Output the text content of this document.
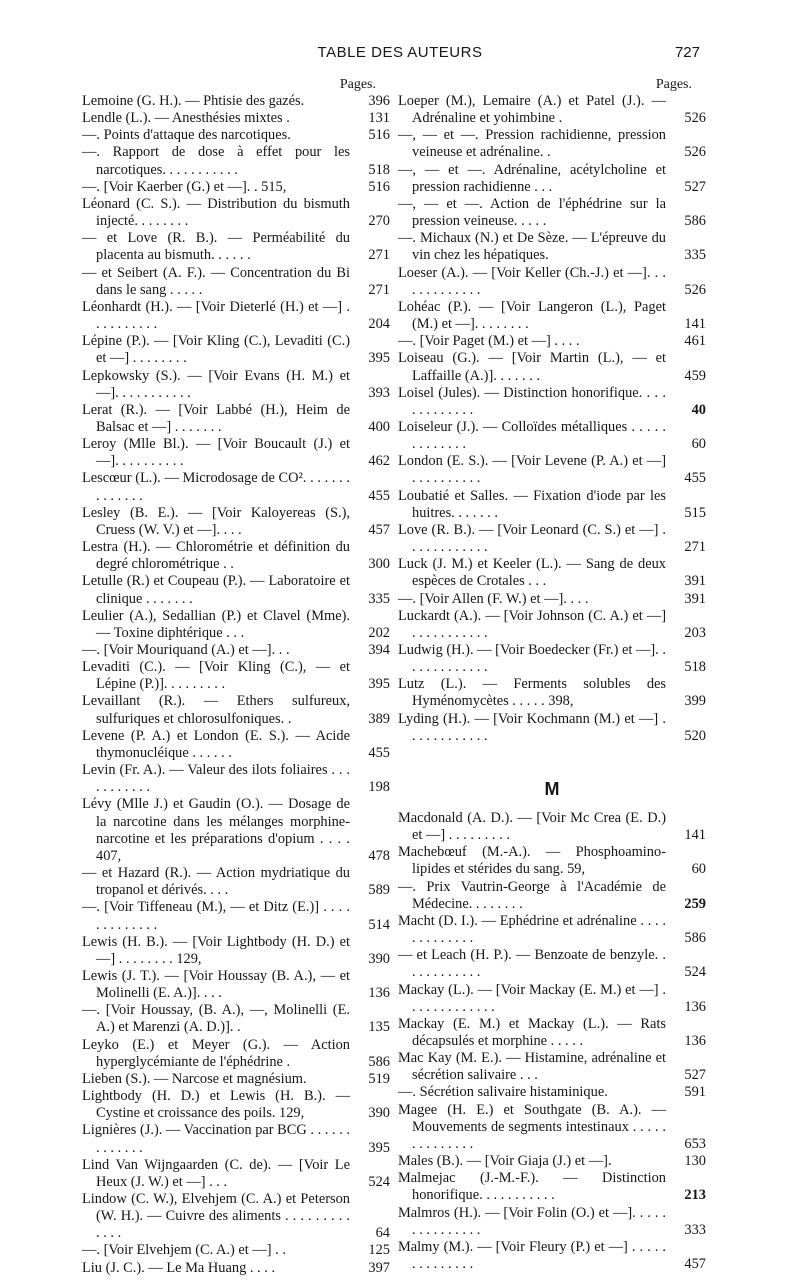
TABLE DES AUTEURS	727
Pages.
Lemoine (G. H.). — Phtisie des gazés.	396
Lendle (L.). — Anesthésies mixtes .	131
—. Points d'attaque des narcotiques.	516
—. Rapport de dose à effet pour les narcotiques. . . . . . . . . . .	518
—. [Voir Kaerber (G.) et —]. . 515,	516
Léonard (C. S.). — Distribution du bismuth injecté. . . . . . . .	270
— et Love (R. B.). — Perméabilité du placenta au bismuth. . . . . .	271
— et Seibert (A. F.). — Concentration du Bi dans le sang . . . . .	271
Léonhardt (H.). — [Voir Dieterlé (H.) et —] . . . . . . . . . .	204
Lépine (P.). — [Voir Kling (C.), Levaditi (C.) et —] . . . . . . . .	395
Lepkowsky (S.). — [Voir Evans (H. M.) et —]. . . . . . . . . . .	393
Lerat (R.). — [Voir Labbé (H.), Heim de Balsac et —] . . . . . . .	400
Leroy (Mlle Bl.). — [Voir Boucault (J.) et —]. . . . . . . . . .	462
Lescœur (L.). — Microdosage de CO². . . . . . . . . . . . . .	455
Lesley (B. E.). — [Voir Kaloyereas (S.), Cruess (W. V.) et —]. . . .	457
Lestra (H.). — Chlorométrie et définition du degré chlorométrique . .	300
Letulle (R.) et Coupeau (P.). — Laboratoire et clinique . . . . . . .	335
Leulier (A.), Sedallian (P.) et Clavel (Mme). — Toxine diphtérique . . .	202
—. [Voir Mouriquand (A.) et —]. . .	394
Levaditi (C.). — [Voir Kling (C.), — et Lépine (P.)]. . . . . . . . .	395
Levaillant (R.). — Ethers sulfureux, sulfuriques et chlorosulfoniques. .	389
Levene (P. A.) et London (E. S.). — Acide thymonucléique . . . . . .	455
Levin (Fr. A.). — Valeur des ilots foliaires . . . . . . . . . . .	198
Lévy (Mlle J.) et Gaudin (O.). — Dosage de la narcotine dans les mélanges morphine-narcotine et les préparations d'opium . . . . 407,	478
— et Hazard (R.). — Action mydriatique du tropanol et dérivés. . . .	589
—. [Voir Tiffeneau (M.), — et Ditz (E.)] . . . . . . . . . . . . .	514
Lewis (H. B.). — [Voir Lightbody (H. D.) et —] . . . . . . . . 129,	390
Lewis (J. T.). — [Voir Houssay (B. A.), — et Molinelli (E. A.)]. . . .	136
—. [Voir Houssay, (B. A.), —, Molinelli (E. A.) et Marenzi (A. D.)]. .	135
Leyko (E.) et Meyer (G.). — Action hyperglycémiante de l'éphédrine .	586
Lieben (S.). — Narcose et magnésium.	519
Lightbody (H. D.) et Lewis (H. B.). — Cystine et croissance des poils. 129,	390
Lignières (J.). — Vaccination par BCG . . . . . . . . . . . . .	395
Lind Van Wijngaarden (C. de). — [Voir Le Heux (J. W.) et —] . . .	524
Lindow (C. W.), Elvehjem (C. A.) et Peterson (W. H.). — Cuivre des aliments . . . . . . . . . . . . .	64
—. [Voir Elvehjem (C. A.) et —] . .	125
Liu (J. C.). — Le Ma Huang . . . .	397
Pages.
Loeper (M.), Lemaire (A.) et Patel (J.). — Adrénaline et yohimbine .	526
—, — et —. Pression rachidienne, pression veineuse et adrénaline. .	526
—, — et —. Adrénaline, acétylcholine et pression rachidienne . . .	527
—, — et —. Action de l'éphédrine sur la pression veineuse. . . . .	586
—. Michaux (N.) et De Sèze. — L'épreuve du vin chez les hépatiques.	335
Loeser (A.). — [Voir Keller (Ch.-J.) et —]. . . . . . . . . . . . .	526
Lohéac (P.). — [Voir Langeron (L.), Paget (M.) et —]. . . . . . . .	141
—. [Voir Paget (M.) et —] . . . .	461
Loiseau (G.). — [Voir Martin (L.), — et Laffaille (A.)]. . . . . . .	459
Loisel (Jules). — Distinction honorifique. . . . . . . . . . . . .	40
Loiseleur (J.). — Colloïdes métalliques . . . . . . . . . . . . .	60
London (E. S.). — [Voir Levene (P. A.) et —] . . . . . . . . . .	455
Loubatié et Salles. — Fixation d'iode par les huitres. . . . . . .	515
Love (R. B.). — [Voir Leonard (C. S.) et —] . . . . . . . . . . . .	271
Luck (J. M.) et Keeler (L.). — Sang de deux espèces de Crotales . . .	391
—. [Voir Allen (F. W.) et —]. . . .	391
Luckardt (A.). — [Voir Johnson (C. A.) et —] . . . . . . . . . . .	203
Ludwig (H.). — [Voir Boedecker (Fr.) et —]. . . . . . . . . . . . .	518
Lutz (L.). — Ferments solubles des Hyménomycètes . . . . . 398,	399
Lyding (H.). — [Voir Kochmann (M.) et —] . . . . . . . . . . . .	520
M
Macdonald (A. D.). — [Voir Mc Crea (E. D.) et —] . . . . . . . . .	141
Machebœuf (M.-A.). — Phosphoamino-lipides et stérides du sang. 59,	60
—. Prix Vautrin-George à l'Académie de Médecine. . . . . . . .	259
Macht (D. I.). — Ephédrine et adrénaline . . . . . . . . . . . . .	586
— et Leach (H. P.). — Benzoate de benzyle. . . . . . . . . . . .	524
Mackay (L.). — [Voir Mackay (E. M.) et —] . . . . . . . . . . . . .	136
Mackay (E. M.) et Mackay (L.). — Rats décapsulés et morphine . . . . .	136
Mac Kay (M. E.). — Histamine, adrénaline et sécrétion salivaire . . .	527
—. Sécrétion salivaire histaminique.	591
Magee (H. E.) et Southgate (B. A.). — Mouvements de segments intestinaux . . . . . . . . . . . . . .	653
Males (B.). — [Voir Giaja (J.) et —].	130
Malmejac (J.-M.-F.). — Distinction honorifique. . . . . . . . . . .	213
Malmros (H.). — [Voir Folin (O.) et —]. . . . . . . . . . . . . . .	333
Malmy (M.). — [Voir Fleury (P.) et —] . . . . . . . . . . . . . .	457
